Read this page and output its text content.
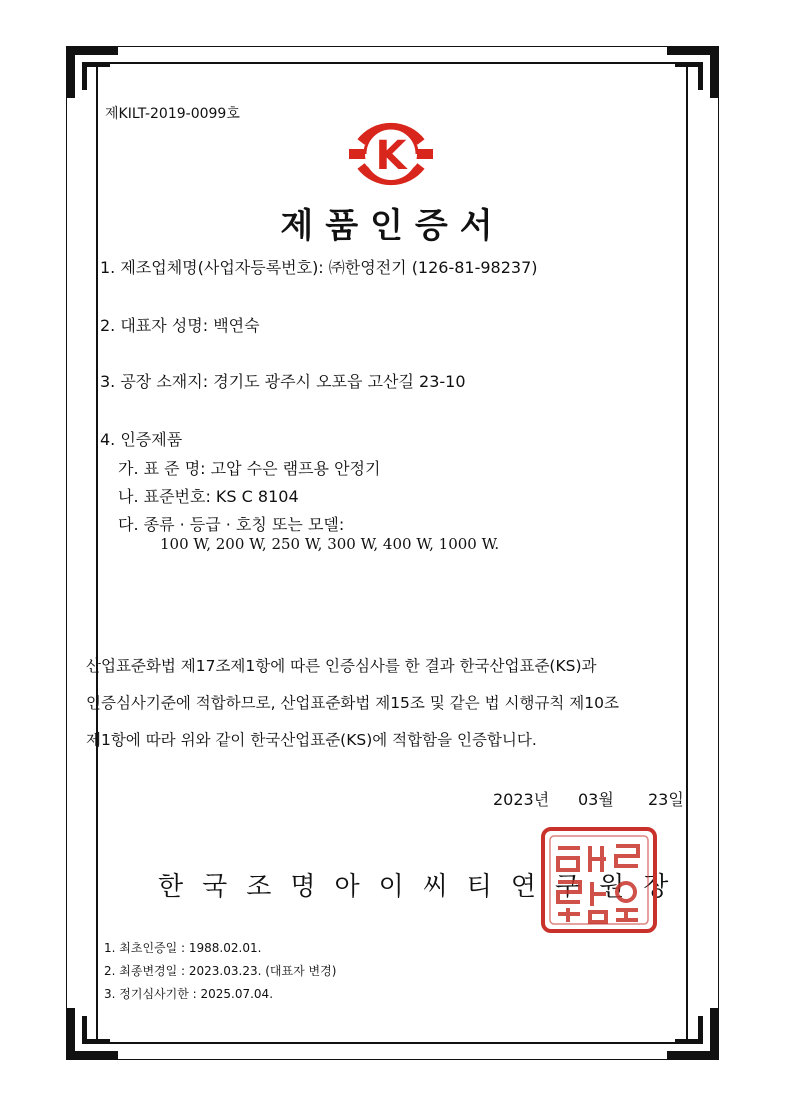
제KILT-2019-0099호
K
제품인증서
1. 제조업체명(사업자등록번호): ㈜한영전기 (126-81-98237)
2. 대표자 성명: 백연숙
3. 공장 소재지: 경기도 광주시 오포읍 고산길 23-10
4. 인증제품
가. 표 준 명: 고압 수은 램프용 안정기
나. 표준번호: KS C 8104
다. 종류 · 등급 · 호칭 또는 모델:
100 W, 200 W, 250 W, 300 W, 400 W, 1000 W.
산업표준화법 제17조제1항에 따른 인증심사를 한 결과 한국산업표준(KS)과
인증심사기준에 적합하므로, 산업표준화법 제15조 및 같은 법 시행규칙 제10조
제1항에 따라 위와 같이 한국산업표준(KS)에 적합함을 인증합니다.
2023년 03월 23일
한국조명아이씨티연구원장
1. 최초인증일 : 1988.02.01.
2. 최종변경일 : 2023.03.23. (대표자 변경)
3. 정기심사기한 : 2025.07.04.
